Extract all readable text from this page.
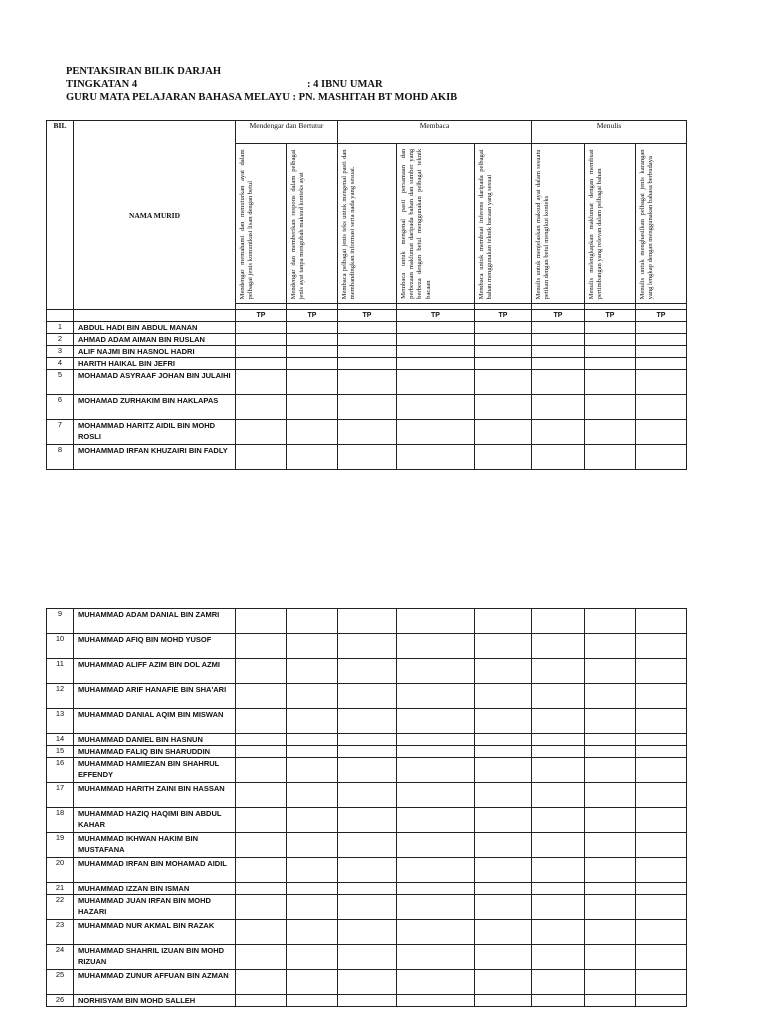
PENTAKSIRAN BILIK DARJAH
TINGKATAN 4	: 4 IBNU UMAR
GURU MATA PELAJARAN BAHASA MELAYU : PN. MASHITAH BT MOHD AKIB
BIL	NAMA MURID	Mendengar dan Bertutur		Membaca			Menulis		

		Mendengar memahami dan menuturkan ayat dalam pelbagai jenis komunikasi lisan dengan betul	Mendengar dan memberikan respons dalam pelbagai jenis ayat tanpa mengubah maksud konteks ayat	Membaca pelbagai jenis teks untuk mengenal pasti dan membandingkan informasi serta nada yang sesuai.	Membaca untuk mengenal pasti persamaan dan perbezaan maklumat daripada bahan dan sumber yang berbeza dengan betul menggunakan pelbagai teknik bacaan	Membaca untuk membuat inferens daripada pelbagai bahan menggunakan teknik bacaan yang sesuai	Menulis untuk menjelaskan maksud ayat dalam sesuatu petikan dengan betul mengikut konteks	Menulis melengkapkan maklumat dengan membuat pertimbangan yang relevan dalam pelbagai bahan	Menulis untuk menghasilkan pelbagai jenis karangan yang lengkap dengan menggunakan bahasa berbudaya

		TP	TP	TP	TP	TP	TP	TP	TP
1	ABDUL HADI BIN ABDUL MANAN								
2	AHMAD ADAM AIMAN BIN RUSLAN								
3	ALIF NAJMI BIN HASNOL HADRI								
4	HARITH HAIKAL BIN JEFRI								
5	MOHAMAD ASYRAAF JOHAN BIN JULAIHI								
6	MOHAMAD ZURHAKIM BIN HAKLAPAS								
7	MOHAMMAD HARITZ AIDIL BIN MOHD ROSLI								
8	MOHAMMAD IRFAN KHUZAIRI BIN FADLY								
9	MUHAMMAD ADAM DANIAL BIN ZAMRI								
10	MUHAMMAD AFIQ BIN MOHD YUSOF								
11	MUHAMMAD ALIFF AZIM BIN DOL AZMI								
12	MUHAMMAD ARIF HANAFIE BIN SHA'ARI								
13	MUHAMMAD DANIAL AQIM BIN MISWAN								
14	MUHAMMAD DANIEL BIN HASNUN								
15	MUHAMMAD FALIQ BIN SHARUDDIN								
16	MUHAMMAD HAMIEZAN BIN SHAHRUL EFFENDY								
17	MUHAMMAD HARITH ZAINI BIN HASSAN								
18	MUHAMMAD HAZIQ HAQIMI BIN ABDUL KAHAR								
19	MUHAMMAD IKHWAN HAKIM BIN MUSTAFANA								
20	MUHAMMAD IRFAN BIN MOHAMAD AIDIL								
21	MUHAMMAD IZZAN BIN ISMAN								
22	MUHAMMAD JUAN IRFAN BIN MOHD HAZARI								
23	MUHAMMAD NUR AKMAL BIN RAZAK								
24	MUHAMMAD SHAHRIL IZUAN BIN MOHD RIZUAN								
25	MUHAMMAD ZUNUR AFFUAN BIN AZMAN								
26	NORHISYAM BIN MOHD SALLEH								
